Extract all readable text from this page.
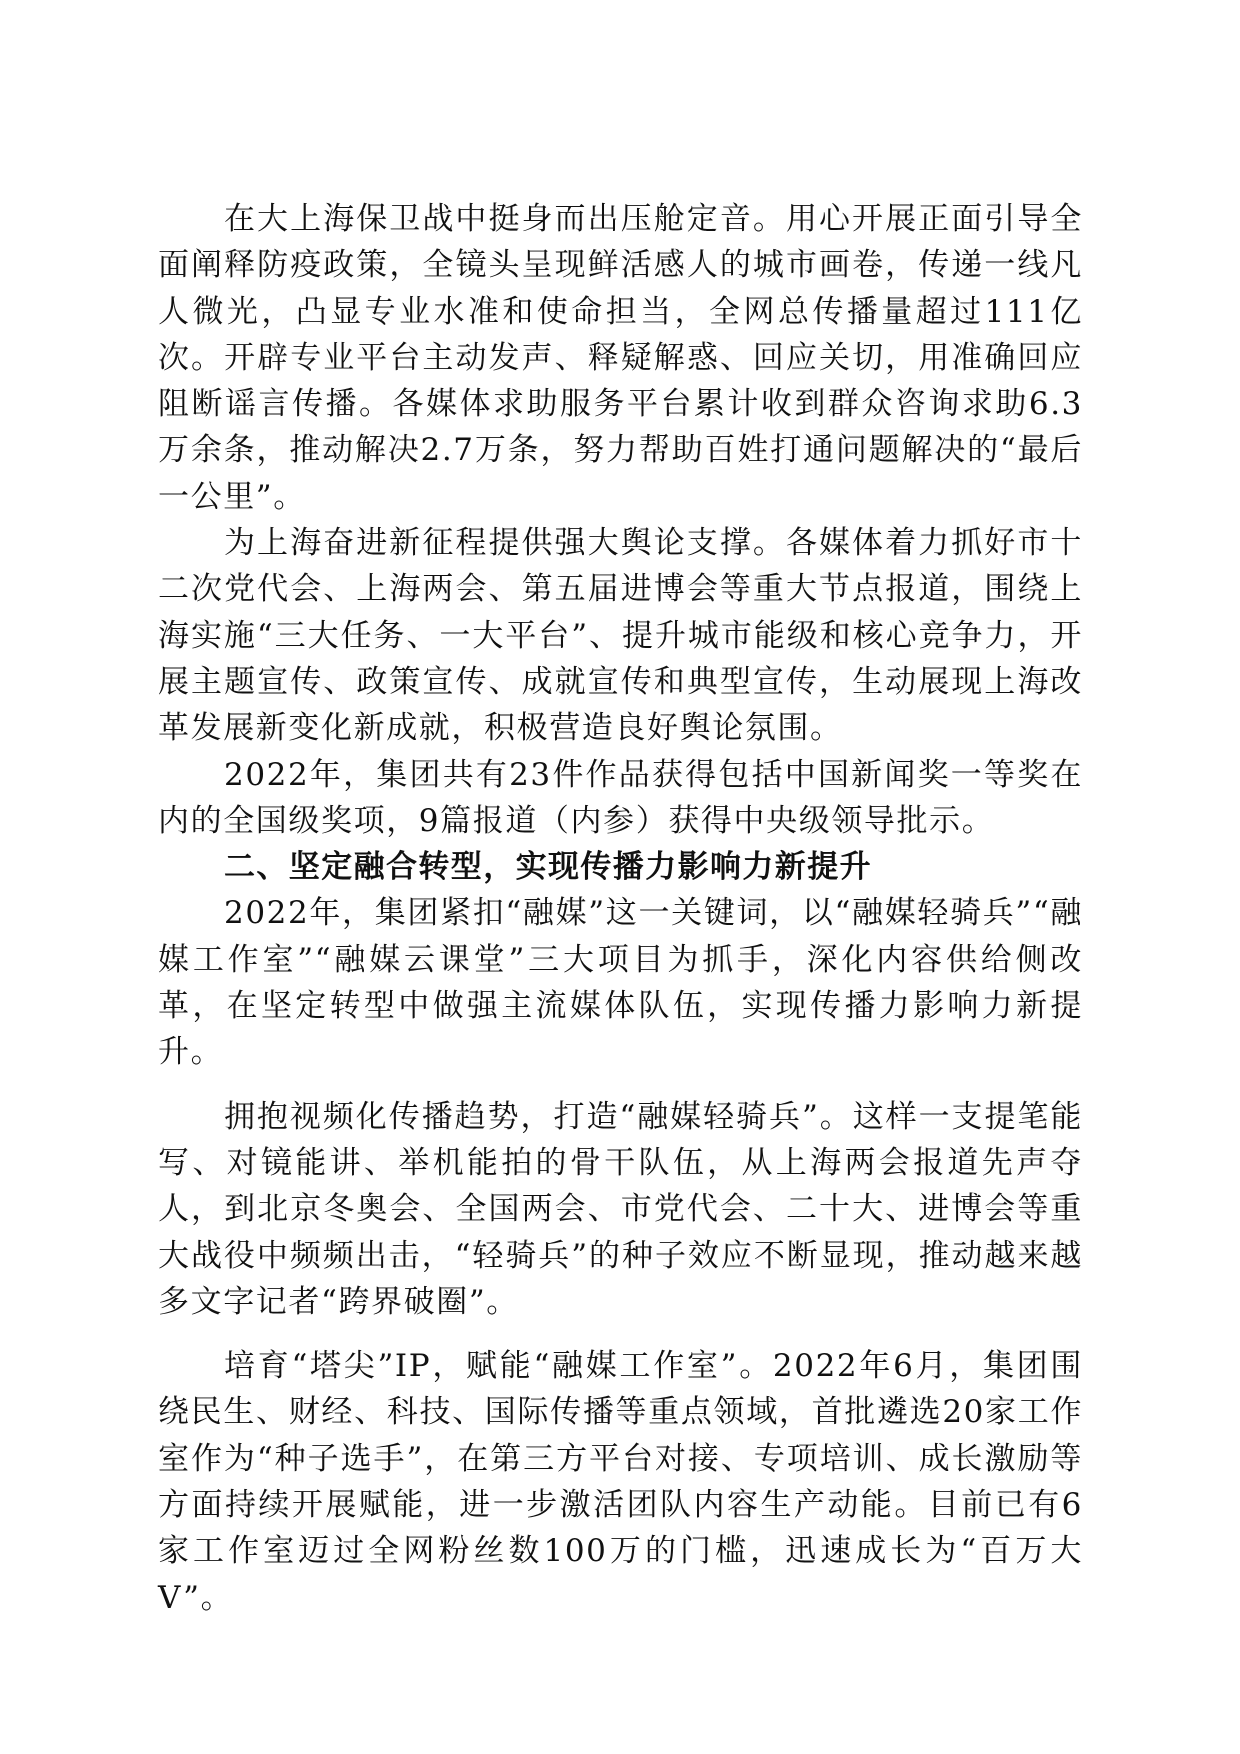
在大上海保卫战中挺身而出压舱定音。用心开展正面引导全面阐释防疫政策，全镜头呈现鲜活感人的城市画卷，传递一线凡人微光，凸显专业水准和使命担当，全网总传播量超过111亿次。开辟专业平台主动发声、释疑解惑、回应关切，用准确回应阻断谣言传播。各媒体求助服务平台累计收到群众咨询求助6.3万余条，推动解决2.7万条，努力帮助百姓打通问题解决的“最后一公里”。

为上海奋进新征程提供强大舆论支撑。各媒体着力抓好市十二次党代会、上海两会、第五届进博会等重大节点报道，围绕上海实施“三大任务、一大平台”、提升城市能级和核心竞争力，开展主题宣传、政策宣传、成就宣传和典型宣传，生动展现上海改革发展新变化新成就，积极营造良好舆论氛围。

2022年，集团共有23件作品获得包括中国新闻奖一等奖在内的全国级奖项，9篇报道（内参）获得中央级领导批示。

二、坚定融合转型，实现传播力影响力新提升

2022年，集团紧扣“融媒”这一关键词，以“融媒轻骑兵”“融媒工作室”“融媒云课堂”三大项目为抓手，深化内容供给侧改革，在坚定转型中做强主流媒体队伍，实现传播力影响力新提升。

拥抱视频化传播趋势，打造“融媒轻骑兵”。这样一支提笔能写、对镜能讲、举机能拍的骨干队伍，从上海两会报道先声夺人，到北京冬奥会、全国两会、市党代会、二十大、进博会等重大战役中频频出击，“轻骑兵”的种子效应不断显现，推动越来越多文字记者“跨界破圈”。

培育“塔尖”IP，赋能“融媒工作室”。2022年6月，集团围绕民生、财经、科技、国际传播等重点领域，首批遴选20家工作室作为“种子选手”，在第三方平台对接、专项培训、成长激励等方面持续开展赋能，进一步激活团队内容生产动能。目前已有6家工作室迈过全网粉丝数100万的门槛，迅速成长为“百万大V”。
